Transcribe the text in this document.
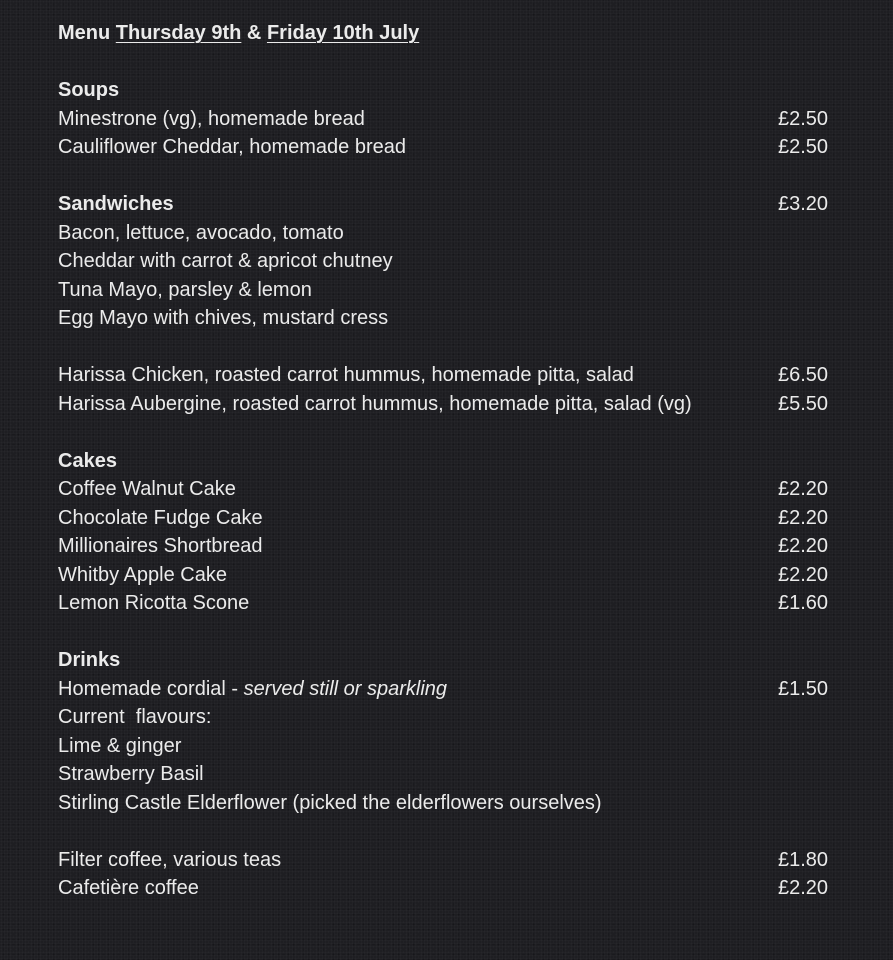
Menu Thursday 9th & Friday 10th July
Soups
Minestrone (vg), homemade bread	£2.50
Cauliflower Cheddar, homemade bread	£2.50
Sandwiches	£3.20
Bacon, lettuce, avocado, tomato
Cheddar with carrot & apricot chutney
Tuna Mayo, parsley & lemon
Egg Mayo with chives, mustard cress
Harissa Chicken, roasted carrot hummus, homemade pitta, salad	£6.50
Harissa Aubergine, roasted carrot hummus, homemade pitta, salad (vg)	£5.50
Cakes
Coffee Walnut Cake	£2.20
Chocolate Fudge Cake	£2.20
Millionaires Shortbread	£2.20
Whitby Apple Cake	£2.20
Lemon Ricotta Scone	£1.60
Drinks
Homemade cordial - served still or sparkling	£1.50
Current  flavours:
Lime & ginger
Strawberry Basil
Stirling Castle Elderflower (picked the elderflowers ourselves)
Filter coffee, various teas	£1.80
Cafetière coffee	£2.20
